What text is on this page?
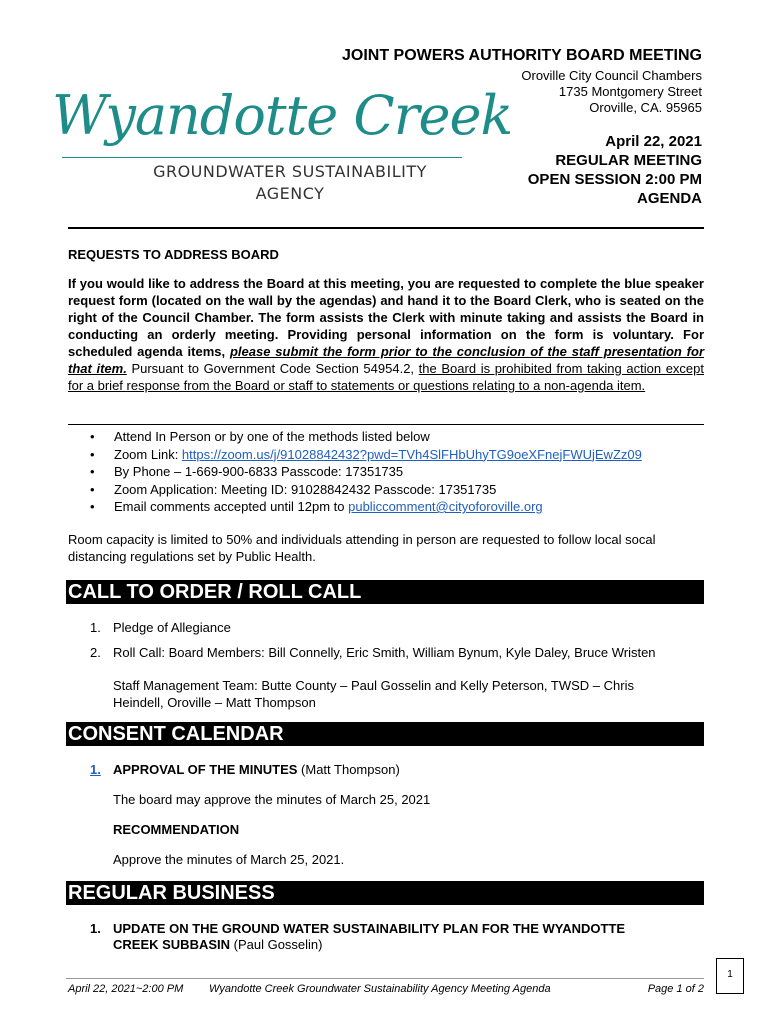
Wyandotte Creek
GROUNDWATER SUSTAINABILITY
AGENCY
JOINT POWERS AUTHORITY BOARD MEETING
Oroville City Council Chambers
1735 Montgomery Street
Oroville, CA. 95965
April 22, 2021
REGULAR MEETING
OPEN SESSION 2:00 PM
AGENDA
REQUESTS TO ADDRESS BOARD
If you would like to address the Board at this meeting, you are requested to complete the blue speaker request form (located on the wall by the agendas) and hand it to the Board Clerk, who is seated on the right of the Council Chamber. The form assists the Clerk with minute taking and assists the Board in conducting an orderly meeting. Providing personal information on the form is voluntary. For scheduled agenda items, please submit the form prior to the conclusion of the staff presentation for that item. Pursuant to Government Code Section 54954.2, the Board is prohibited from taking action except for a brief response from the Board or staff to statements or questions relating to a non-agenda item.
• Attend In Person or by one of the methods listed below
• Zoom Link: https://zoom.us/j/91028842432?pwd=TVh4SlFHbUhyTG9oeXFnejFWUjEwZz09
• By Phone – 1-669-900-6833 Passcode: 17351735
• Zoom Application: Meeting ID: 91028842432 Passcode: 17351735
• Email comments accepted until 12pm to publiccomment@cityoforoville.org
Room capacity is limited to 50% and individuals attending in person are requested to follow local socal distancing regulations set by Public Health.
CALL TO ORDER / ROLL CALL
1. Pledge of Allegiance
2. Roll Call: Board Members: Bill Connelly, Eric Smith, William Bynum, Kyle Daley, Bruce Wristen
Staff Management Team: Butte County – Paul Gosselin and Kelly Peterson, TWSD – Chris
Heindell, Oroville – Matt Thompson
CONSENT CALENDAR
1. APPROVAL OF THE MINUTES (Matt Thompson)
The board may approve the minutes of March 25, 2021
RECOMMENDATION
Approve the minutes of March 25, 2021.
REGULAR BUSINESS
1. UPDATE ON THE GROUND WATER SUSTAINABILITY PLAN FOR THE WYANDOTTE
CREEK SUBBASIN (Paul Gosselin)
April 22, 2021~2:00 PM Wyandotte Creek Groundwater Sustainability Agency Meeting Agenda	Page 1 of 2
1
